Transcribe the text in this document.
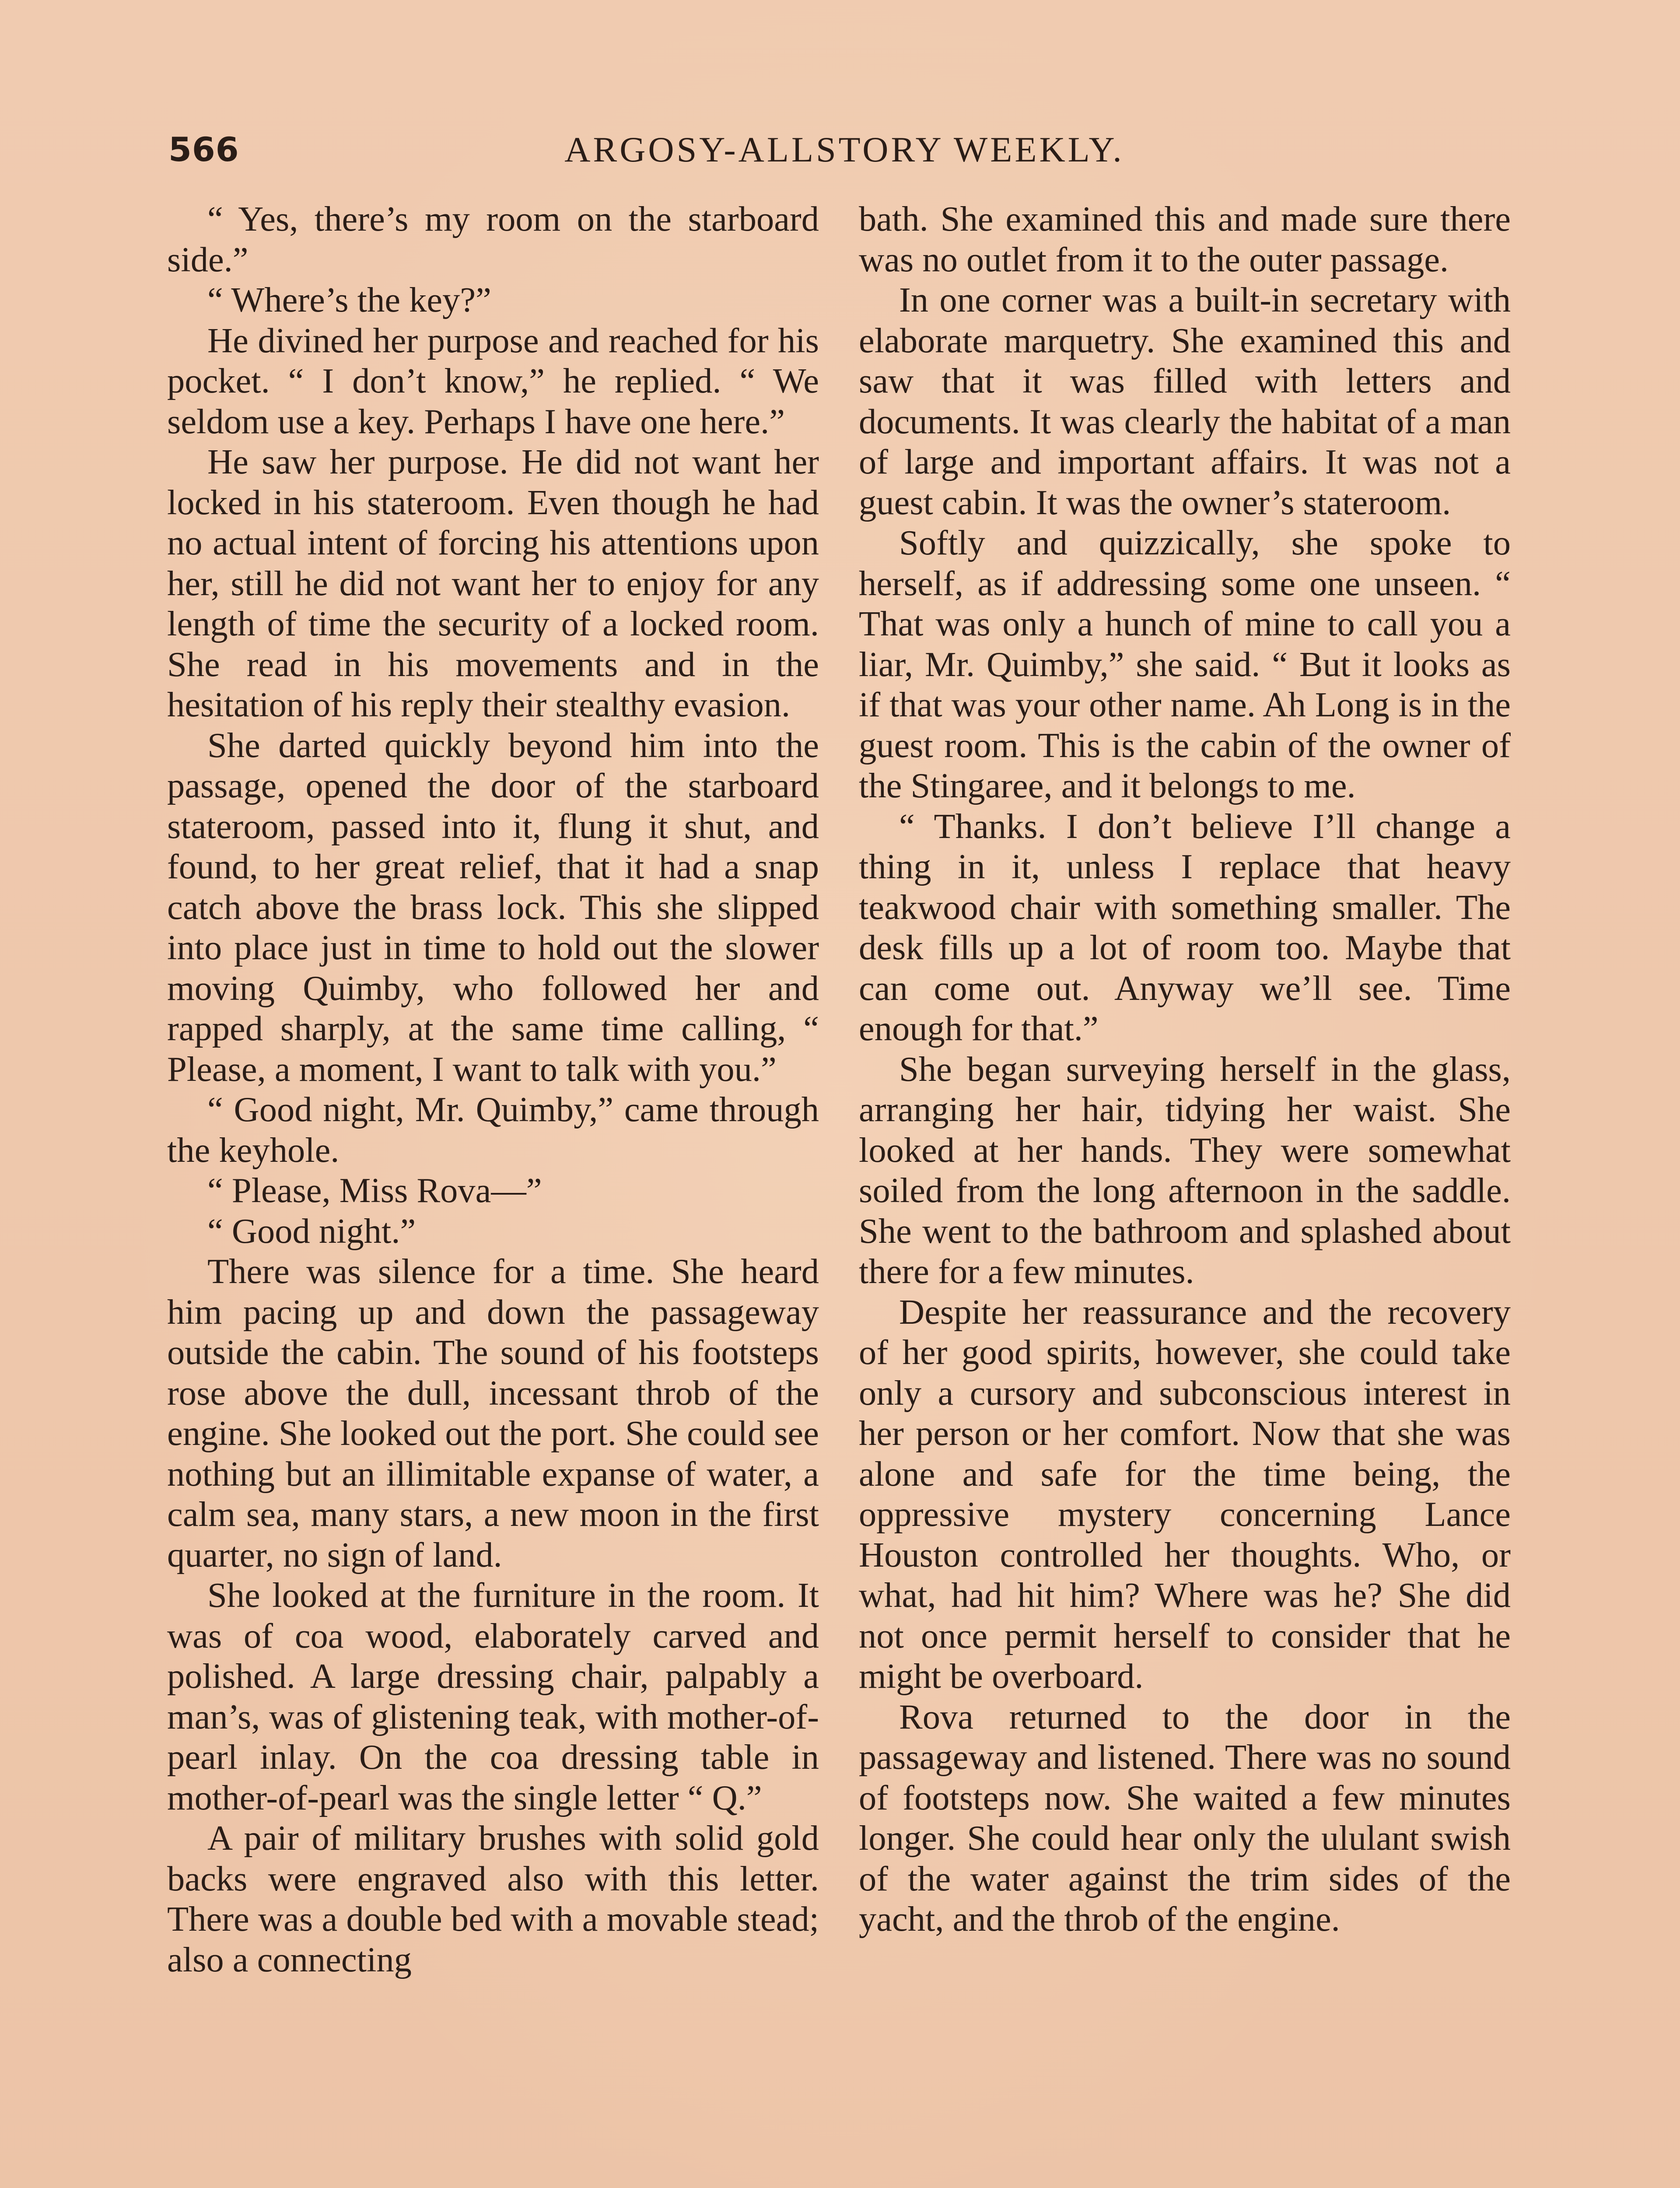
566	ARGOSY-ALLSTORY WEEKLY.

“ Yes, there’s my room on the starboard side.”

“ Where’s the key?”

He divined her purpose and reached for his pocket. “ I don’t know,” he replied. “ We seldom use a key. Perhaps I have one here.”

He saw her purpose. He did not want her locked in his stateroom. Even though he had no actual intent of forcing his attentions upon her, still he did not want her to enjoy for any length of time the security of a locked room. She read in his movements and in the hesitation of his reply their stealthy evasion.

She darted quickly beyond him into the passage, opened the door of the starboard stateroom, passed into it, flung it shut, and found, to her great relief, that it had a snap catch above the brass lock. This she slipped into place just in time to hold out the slower moving Quimby, who followed her and rapped sharply, at the same time calling, “ Please, a moment, I want to talk with you.”

“ Good night, Mr. Quimby,” came through the keyhole.

“ Please, Miss Rova—”

“ Good night.”

There was silence for a time. She heard him pacing up and down the passageway outside the cabin. The sound of his footsteps rose above the dull, incessant throb of the engine. She looked out the port. She could see nothing but an illimitable expanse of water, a calm sea, many stars, a new moon in the first quarter, no sign of land.

She looked at the furniture in the room. It was of coa wood, elaborately carved and polished. A large dressing chair, palpably a man’s, was of glistening teak, with mother-of-pearl inlay. On the coa dressing table in mother-of-pearl was the single letter “ Q.”

A pair of military brushes with solid gold backs were engraved also with this letter. There was a double bed with a movable stead; also a connecting

bath. She examined this and made sure there was no outlet from it to the outer passage.

In one corner was a built-in secretary with elaborate marquetry. She examined this and saw that it was filled with letters and documents. It was clearly the habitat of a man of large and important affairs. It was not a guest cabin. It was the owner’s stateroom.

Softly and quizzically, she spoke to herself, as if addressing some one unseen. “ That was only a hunch of mine to call you a liar, Mr. Quimby,” she said. “ But it looks as if that was your other name. Ah Long is in the guest room. This is the cabin of the owner of the Stingaree, and it belongs to me.

“ Thanks. I don’t believe I’ll change a thing in it, unless I replace that heavy teakwood chair with something smaller. The desk fills up a lot of room too. Maybe that can come out. Anyway we’ll see. Time enough for that.”

She began surveying herself in the glass, arranging her hair, tidying her waist. She looked at her hands. They were somewhat soiled from the long afternoon in the saddle. She went to the bathroom and splashed about there for a few minutes.

Despite her reassurance and the recovery of her good spirits, however, she could take only a cursory and subconscious interest in her person or her comfort. Now that she was alone and safe for the time being, the oppressive mystery concerning Lance Houston controlled her thoughts. Who, or what, had hit him? Where was he? She did not once permit herself to consider that he might be overboard.

Rova returned to the door in the passageway and listened. There was no sound of footsteps now. She waited a few minutes longer. She could hear only the ululant swish of the water against the trim sides of the yacht, and the throb of the engine.
